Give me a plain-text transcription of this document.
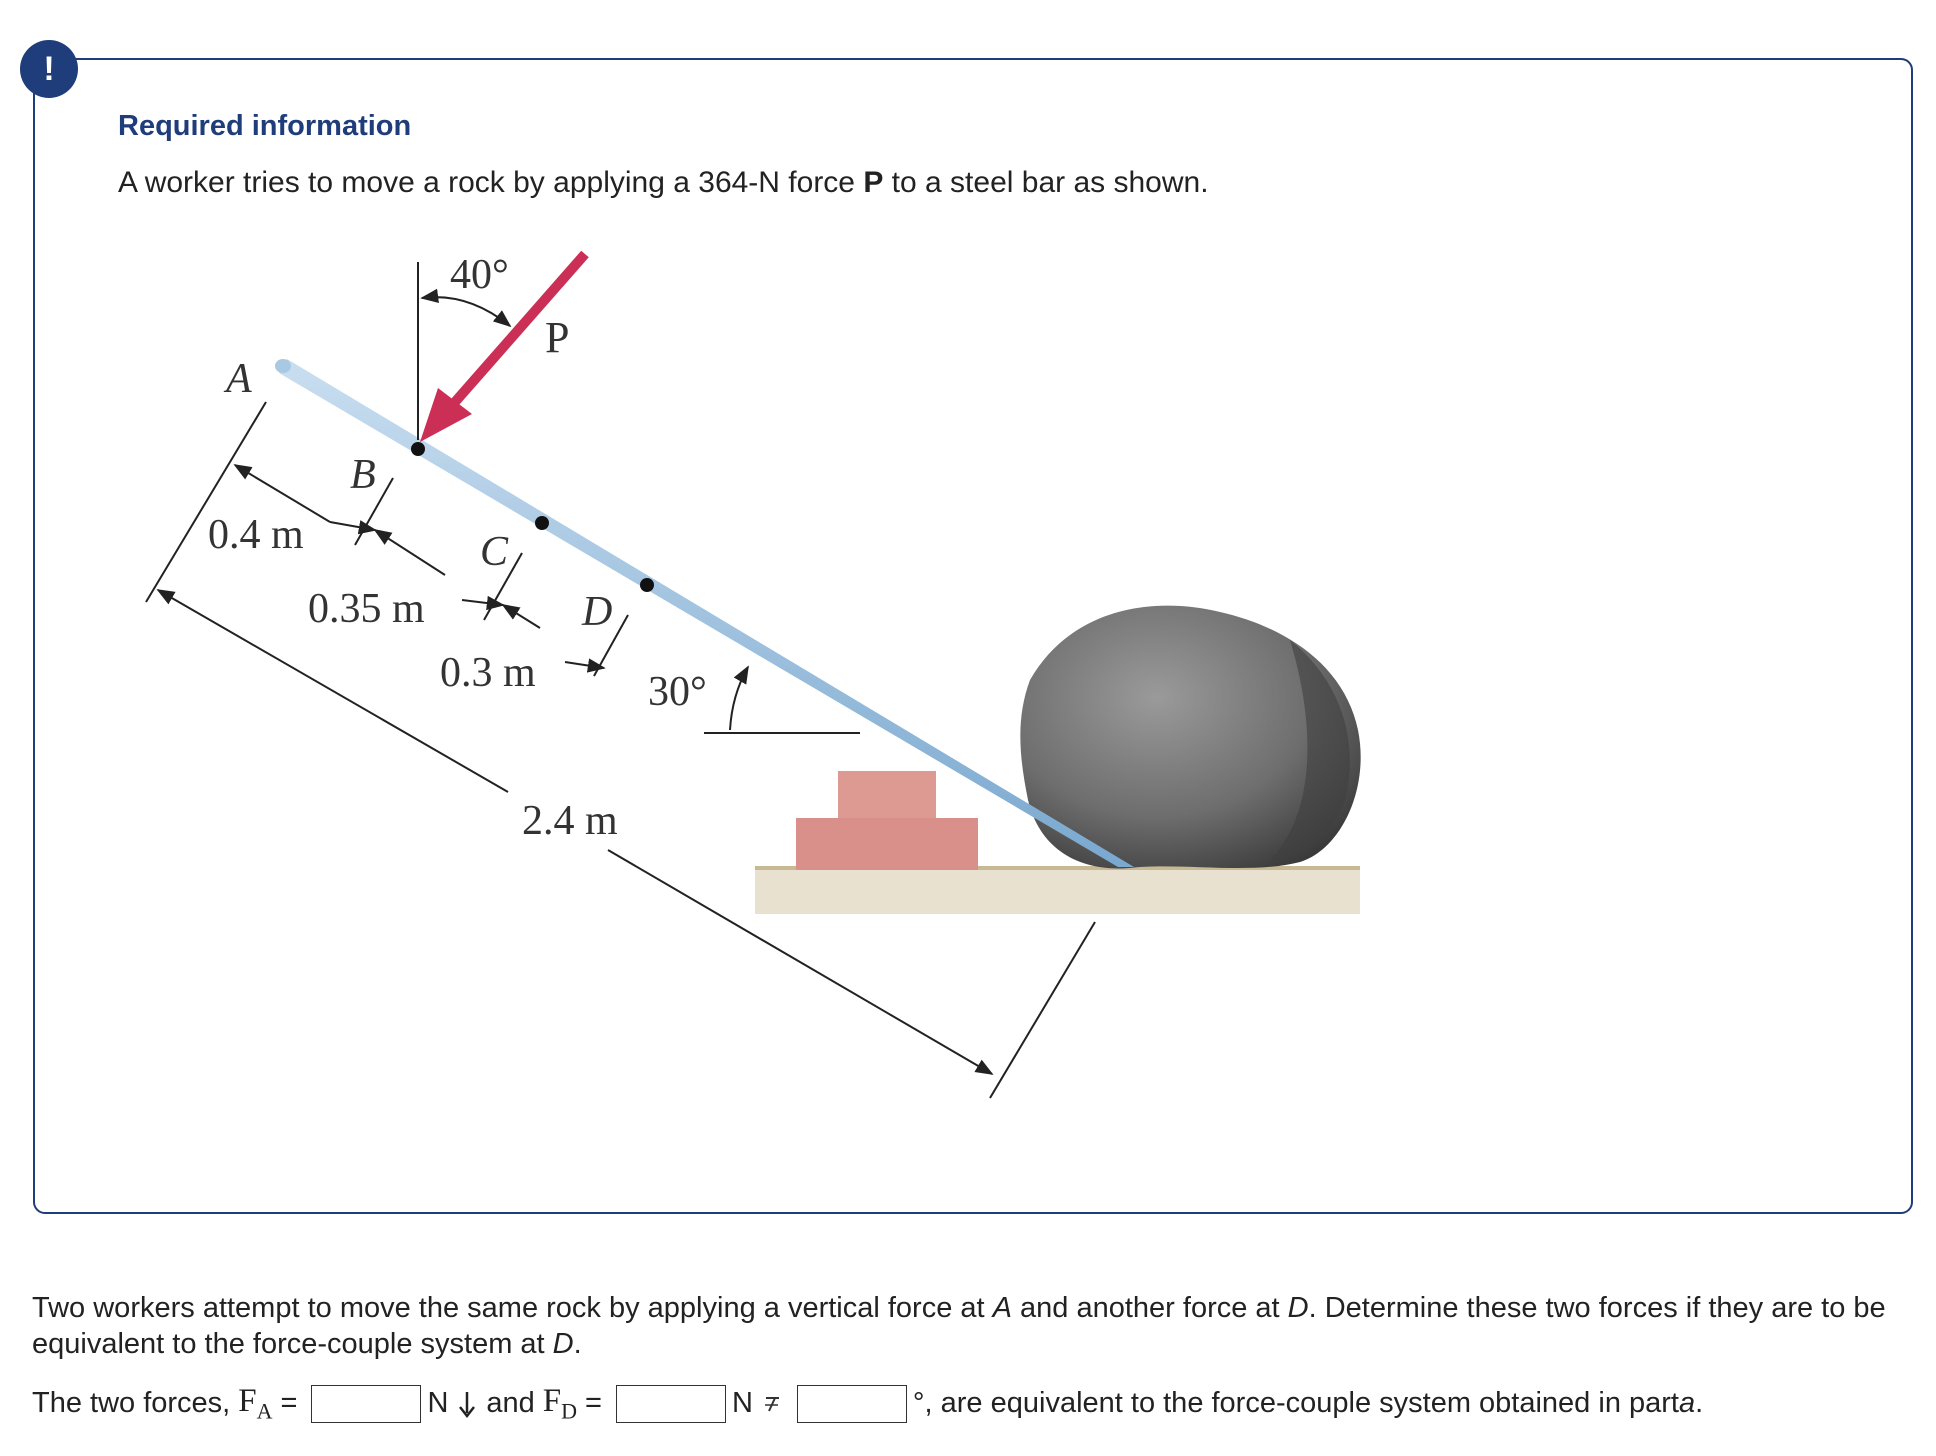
!
Required information
A worker tries to move a rock by applying a 364-N force P to a steel bar as shown.
40°
P
A
B
C
D
0.4 m
0.35 m
0.3 m
2.4 m
30°
Two workers attempt to move the same rock by applying a vertical force at A and another force at D. Determine these two forces if they are to be equivalent to the force-couple system at D.
The two forces, $F_A$ =	N and $F_D$ =	N	° , are equivalent to the force-couple system obtained in part a .
